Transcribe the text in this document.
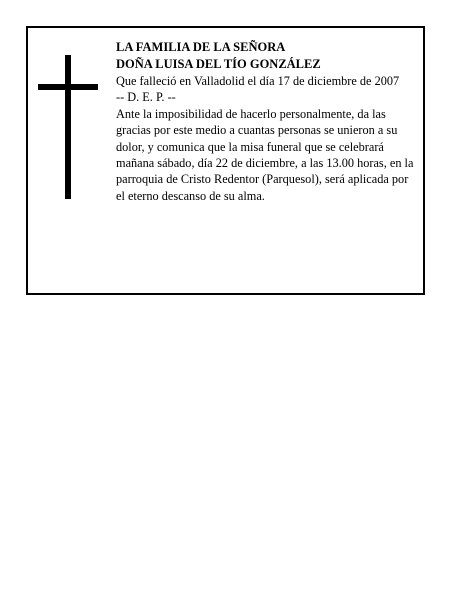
LA FAMILIA DE LA SEÑORA
DOÑA LUISA DEL TÍO GONZÁLEZ

Que falleció en Valladolid el día 17 de diciembre de 2007

-- D. E. P. --

Ante la imposibilidad de hacerlo personalmente, da las gracias por este medio a cuantas personas se unieron a su dolor, y comunica que la misa funeral que se celebrará mañana sábado, día 22 de diciembre, a las 13.00 horas, en la parroquia de Cristo Redentor (Parquesol), será aplicada por el eterno descanso de su alma.
